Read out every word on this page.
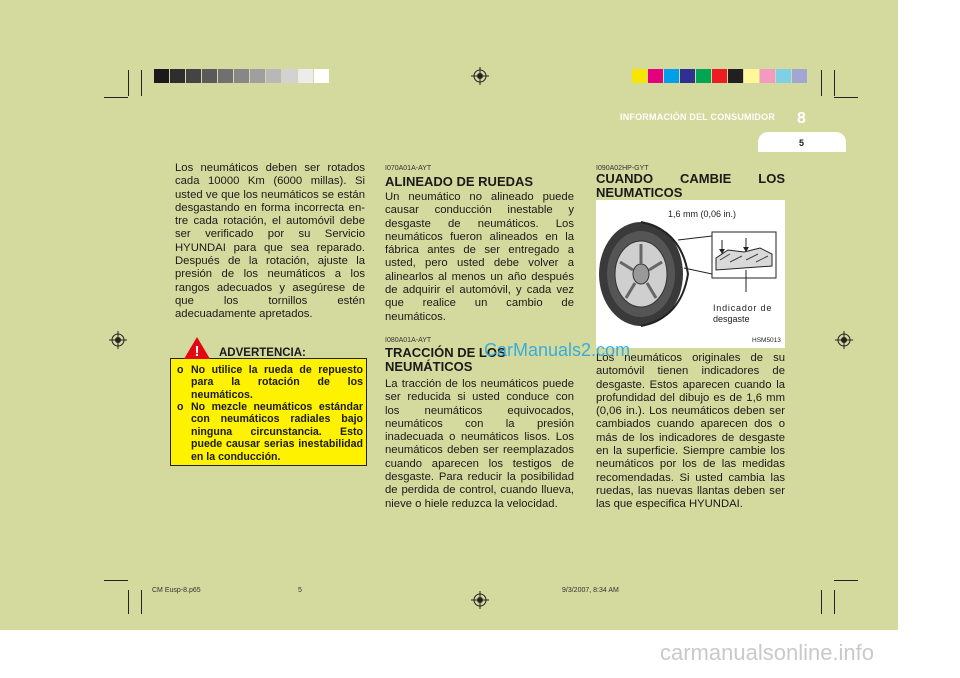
INFORMACIÓN DEL CONSUMIDOR 8
5
Los neumáticos deben ser rotados cada 10000 Km (6000 millas). Si usted ve que los neumáticos se están desgastando en forma incorrecta en-tre cada rotación, el automóvil debe ser verificado por su Servicio HYUNDAI para que sea reparado. Después de la rotación, ajuste la presión de los neumáticos a los rangos adecuados y asegúrese de que los tornillos estén adecuadamente apretados.
! ADVERTENCIA:
o No utilice la rueda de repuesto para la rotación de los neumáticos.
o No mezcle neumáticos estándar con neumáticos radiales bajo ninguna circunstancia. Esto puede causar serias inestabilidad en la conducción.
I070A01A-AYT
ALINEADO DE RUEDAS
Un neumático no alineado puede causar conducción inestable y desgaste de neumáticos. Los neumáticos fueron alineados en la fábrica antes de ser entregado a usted, pero usted debe volver a alinearlos al menos un año después de adquirir el automóvil, y cada vez que realice un cambio de neumáticos.
I080A01A-AYT
TRACCIÓN DE LOS
NEUMÁTICOS
La tracción de los neumáticos puede ser reducida si usted conduce con los neumáticos equivocados, neumáticos con la presión inadecuada o neumáticos lisos. Los neumáticos deben ser reemplazados cuando aparecen los testigos de desgaste. Para reducir la posibilidad de perdida de control, cuando llueva, nieve o hiele reduzca la velocidad.
I090A02HP-GYT
CUANDO CAMBIE LOS
NEUMATICOS
1,6 mm (0,06 in.)
Indicador de
desgaste
HSM5013
Los neumáticos originales de su automóvil tienen indicadores de desgaste. Estos aparecen cuando la profundidad del dibujo es de 1,6 mm (0,06 in.). Los neumáticos deben ser cambiados cuando aparecen dos o más de los indicadores de desgaste en la superficie. Siempre cambie los neumáticos por los de las medidas recomendadas. Si usted cambia las ruedas, las nuevas llantas deben ser las que especifica HYUNDAI.
CarManuals2.com
CM Eusp-8.p65	5	9/3/2007, 8:34 AM
carmanualsonline.info
